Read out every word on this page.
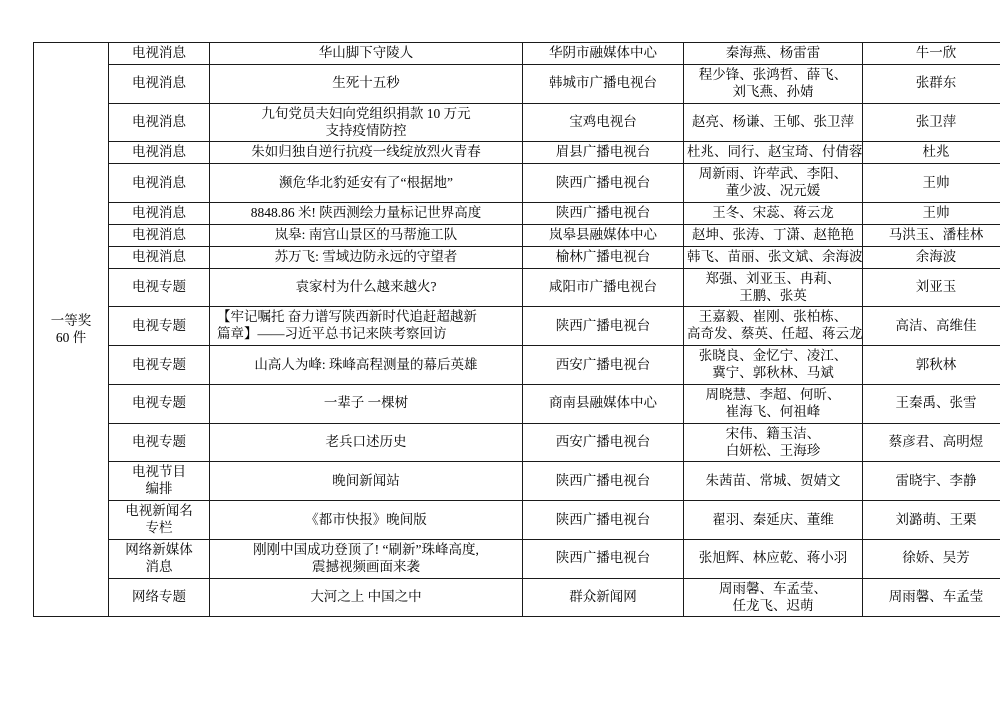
一等奖
60 件	电视消息	华山脚下守陵人	华阴市融媒体中心	秦海燕、杨雷雷	牛一欣

	电视消息	生死十五秒	韩城市广播电视台	程少锋、张鸿哲、薛飞、
刘飞燕、孙婧	张群东

	电视消息	九旬党员夫妇向党组织捐款 10 万元
支持疫情防控	宝鸡电视台	赵亮、杨谦、王郇、张卫萍	张卫萍

	电视消息	朱如归独自逆行抗疫一线绽放烈火青春	眉县广播电视台	杜兆、同行、赵宝琦、付倩蓉	杜兆

	电视消息	濒危华北豹延安有了“根据地”	陕西广播电视台	周新雨、许荦武、李阳、
董少波、况元媛	王帅

	电视消息	8848.86 米! 陕西测绘力量标记世界高度	陕西广播电视台	王冬、宋蕊、蒋云龙	王帅

	电视消息	岚皋: 南宫山景区的马帮施工队	岚皋县融媒体中心	赵坤、张涛、丁潇、赵艳艳	马洪玉、潘桂林

	电视消息	苏万飞: 雪域边防永远的守望者	榆林广播电视台	韩飞、苗丽、张文斌、余海波	余海波

	电视专题	袁家村为什么越来越火?	咸阳市广播电视台	郑强、刘亚玉、冉莉、
王鹏、张英	刘亚玉

	电视专题	【牢记嘱托 奋力谱写陕西新时代追赶超越新
篇章】——习近平总书记来陕考察回访	陕西广播电视台	王嘉毅、崔刚、张柏栋、
高奇发、蔡英、任超、蒋云龙	高洁、高维佳

	电视专题	山高人为峰: 珠峰高程测量的幕后英雄	西安广播电视台	张晓良、金忆宁、凌江、
冀宁、郭秋林、马斌	郭秋林

	电视专题	一辈子 一棵树	商南县融媒体中心	周晓慧、李超、何昕、
崔海飞、何祖峰	王秦禹、张雪

	电视专题	老兵口述历史	西安广播电视台	宋伟、籍玉洁、
白妍松、王海珍	蔡彦君、高明煜

	电视节目
编排	晚间新闻站	陕西广播电视台	朱茜苗、常城、贺婧文	雷晓宇、李静

	电视新闻名
专栏	《都市快报》晚间版	陕西广播电视台	翟羽、秦延庆、董维	刘潞萌、王栗

	网络新媒体
消息	刚刚中国成功登顶了! “刷新”珠峰高度,
震撼视频画面来袭	陕西广播电视台	张旭辉、林应乾、蒋小羽	徐娇、吴芳

	网络专题	大河之上 中国之中	群众新闻网	周雨馨、车孟莹、
任龙飞、迟萌	周雨馨、车孟莹
